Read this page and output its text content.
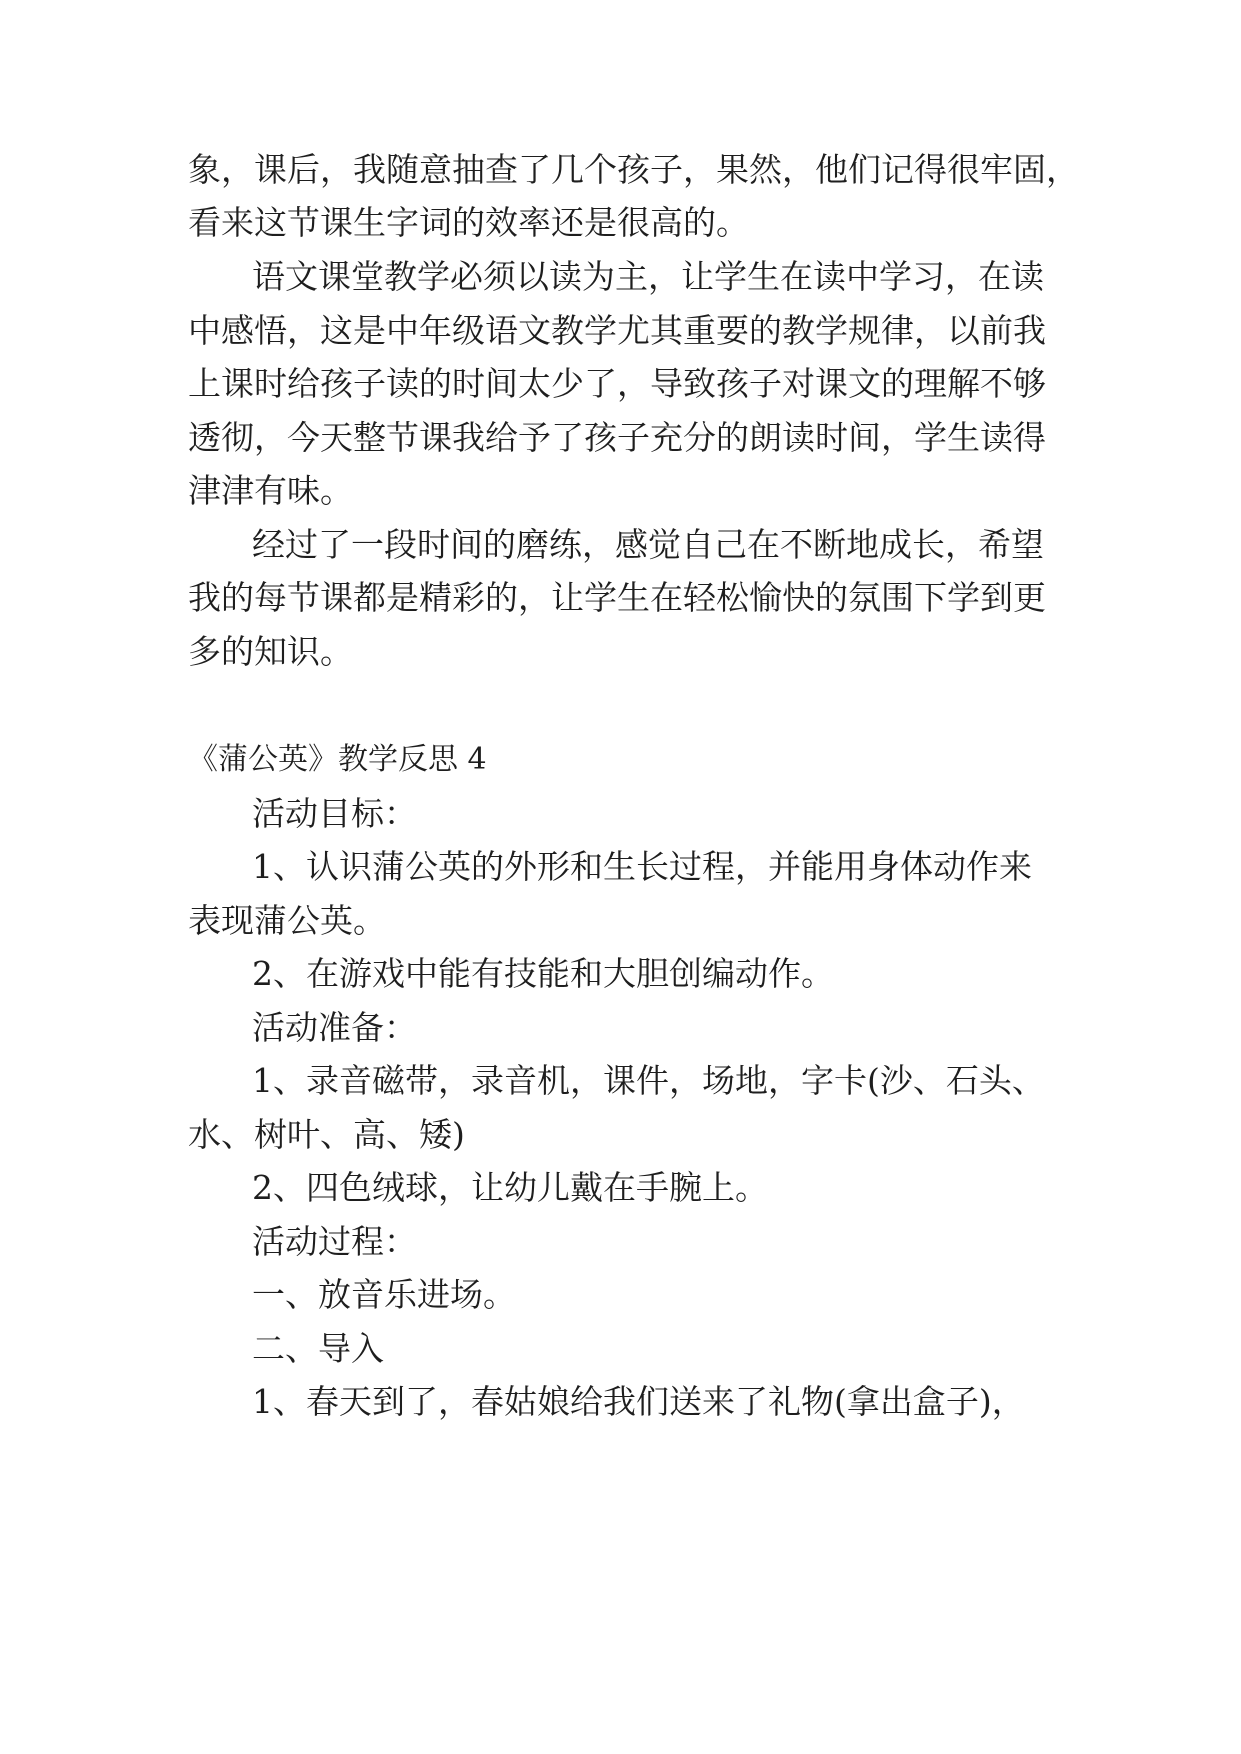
象，课后，我随意抽查了几个孩子，果然，他们记得很牢固，

看来这节课生字词的效率还是很高的。

语文课堂教学必须以读为主，让学生在读中学习，在读

中感悟，这是中年级语文教学尤其重要的教学规律，以前我

上课时给孩子读的时间太少了，导致孩子对课文的理解不够

透彻，今天整节课我给予了孩子充分的朗读时间，学生读得

津津有味。

经过了一段时间的磨练，感觉自己在不断地成长，希望

我的每节课都是精彩的，让学生在轻松愉快的氛围下学到更

多的知识。

《蒲公英》教学反思 4

活动目标：

1、认识蒲公英的外形和生长过程，并能用身体动作来

表现蒲公英。

2、在游戏中能有技能和大胆创编动作。

活动准备：

1、录音磁带，录音机，课件，场地，字卡(沙、石头、

水、树叶、高、矮)

2、四色绒球，让幼儿戴在手腕上。

活动过程：

一、放音乐进场。

二、导入

1、春天到了，春姑娘给我们送来了礼物(拿出盒子)，
